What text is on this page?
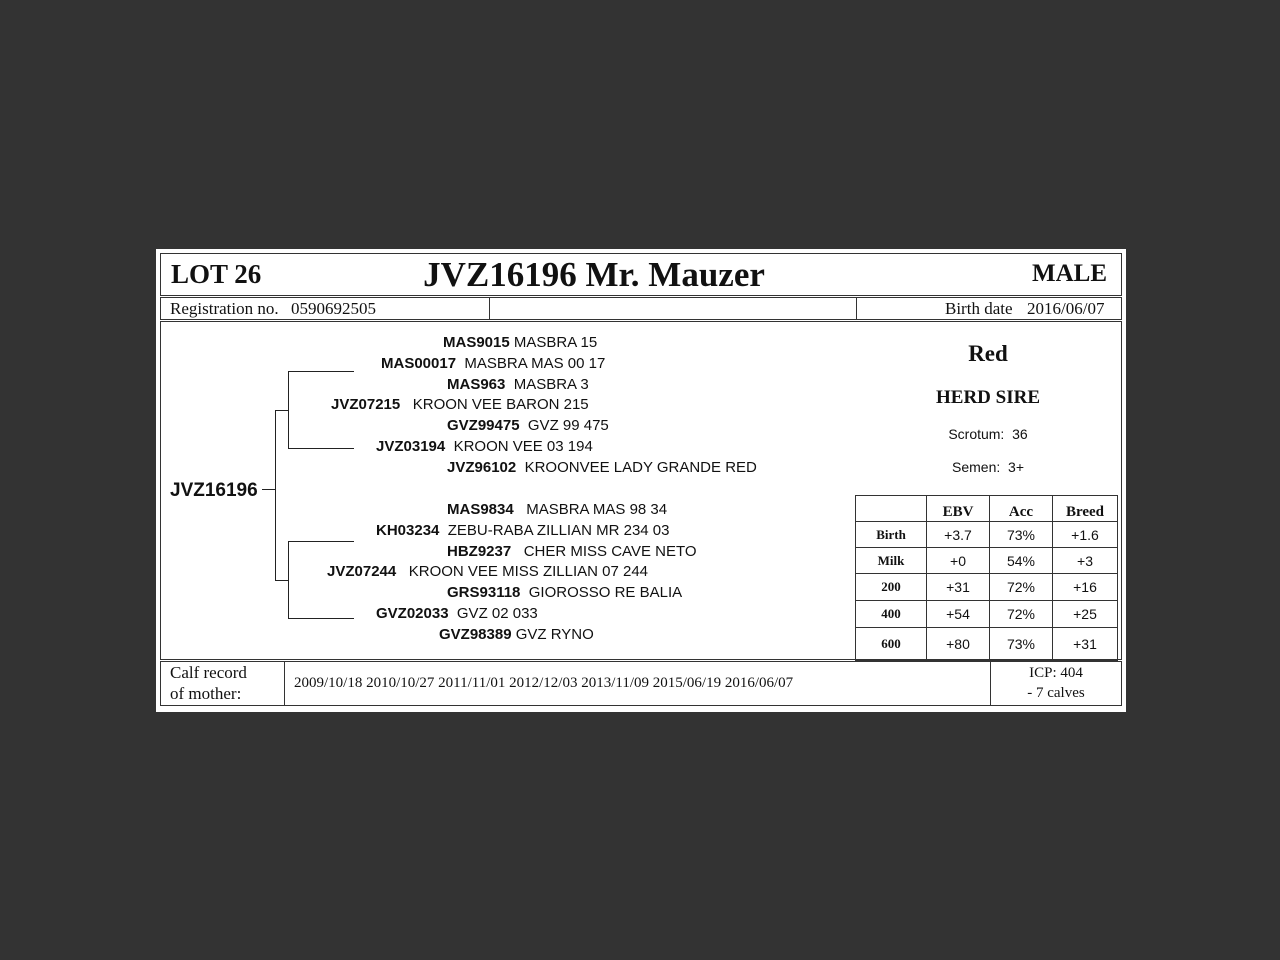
LOT 26	JVZ16196 Mr. Mauzer	MALE
Registration no. 0590692505	Birth date 2016/06/07
JVZ16196
MAS9015 MASBRA 15
MAS00017 MASBRA MAS 00 17
MAS963 MASBRA 3
JVZ07215 KROON VEE BARON 215
GVZ99475 GVZ 99 475
JVZ03194 KROON VEE 03 194
JVZ96102 KROONVEE LADY GRANDE RED
MAS9834 MASBRA MAS 98 34
KH03234 ZEBU-RABA ZILLIAN MR 234 03
HBZ9237 CHER MISS CAVE NETO
JVZ07244 KROON VEE MISS ZILLIAN 07 244
GRS93118 GIOROSSO RE BALIA
GVZ02033 GVZ 02 033
GVZ98389 GVZ RYNO
Red
HERD SIRE
Scrotum: 36
Semen: 3+
	EBV	Acc	Breed
Birth	+3.7	73%	+1.6
Milk	+0	54%	+3
200	+31	72%	+16
400	+54	72%	+25
600	+80	73%	+31
Calf record
of mother:
2009/10/18 2010/10/27 2011/11/01 2012/12/03 2013/11/09 2015/06/19 2016/06/07
ICP: 404
- 7 calves
